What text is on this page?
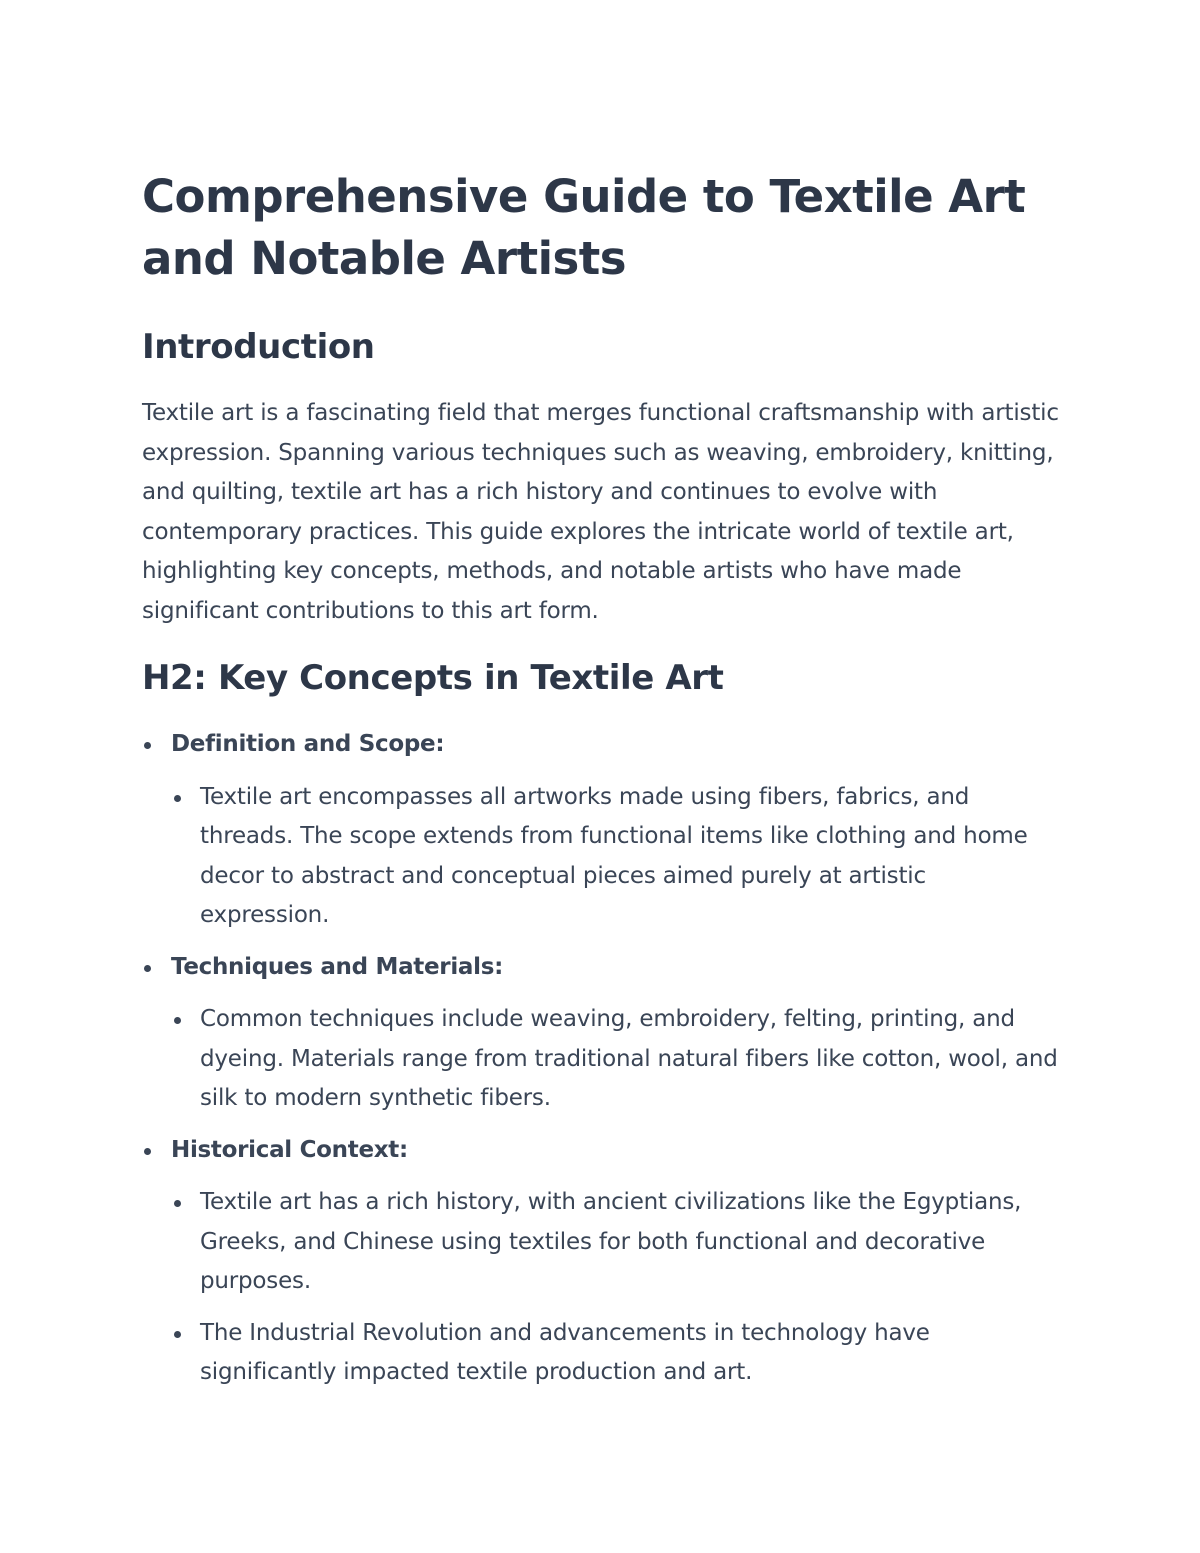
Comprehensive Guide to Textile Art and Notable Artists
Introduction

Textile art is a fascinating field that merges functional craftsmanship with artistic expression. Spanning various techniques such as weaving, embroidery, knitting, and quilting, textile art has a rich history and continues to evolve with contemporary practices. This guide explores the intricate world of textile art, highlighting key concepts, methods, and notable artists who have made significant contributions to this art form.

H2: Key Concepts in Textile Art
Definition and Scope:
Textile art encompasses all artworks made using fibers, fabrics, and threads. The scope extends from functional items like clothing and home decor to abstract and conceptual pieces aimed purely at artistic expression.
Techniques and Materials:
Common techniques include weaving, embroidery, felting, printing, and dyeing. Materials range from traditional natural fibers like cotton, wool, and silk to modern synthetic fibers.
Historical Context:
Textile art has a rich history, with ancient civilizations like the Egyptians, Greeks, and Chinese using textiles for both functional and decorative purposes.
The Industrial Revolution and advancements in technology have significantly impacted textile production and art.
